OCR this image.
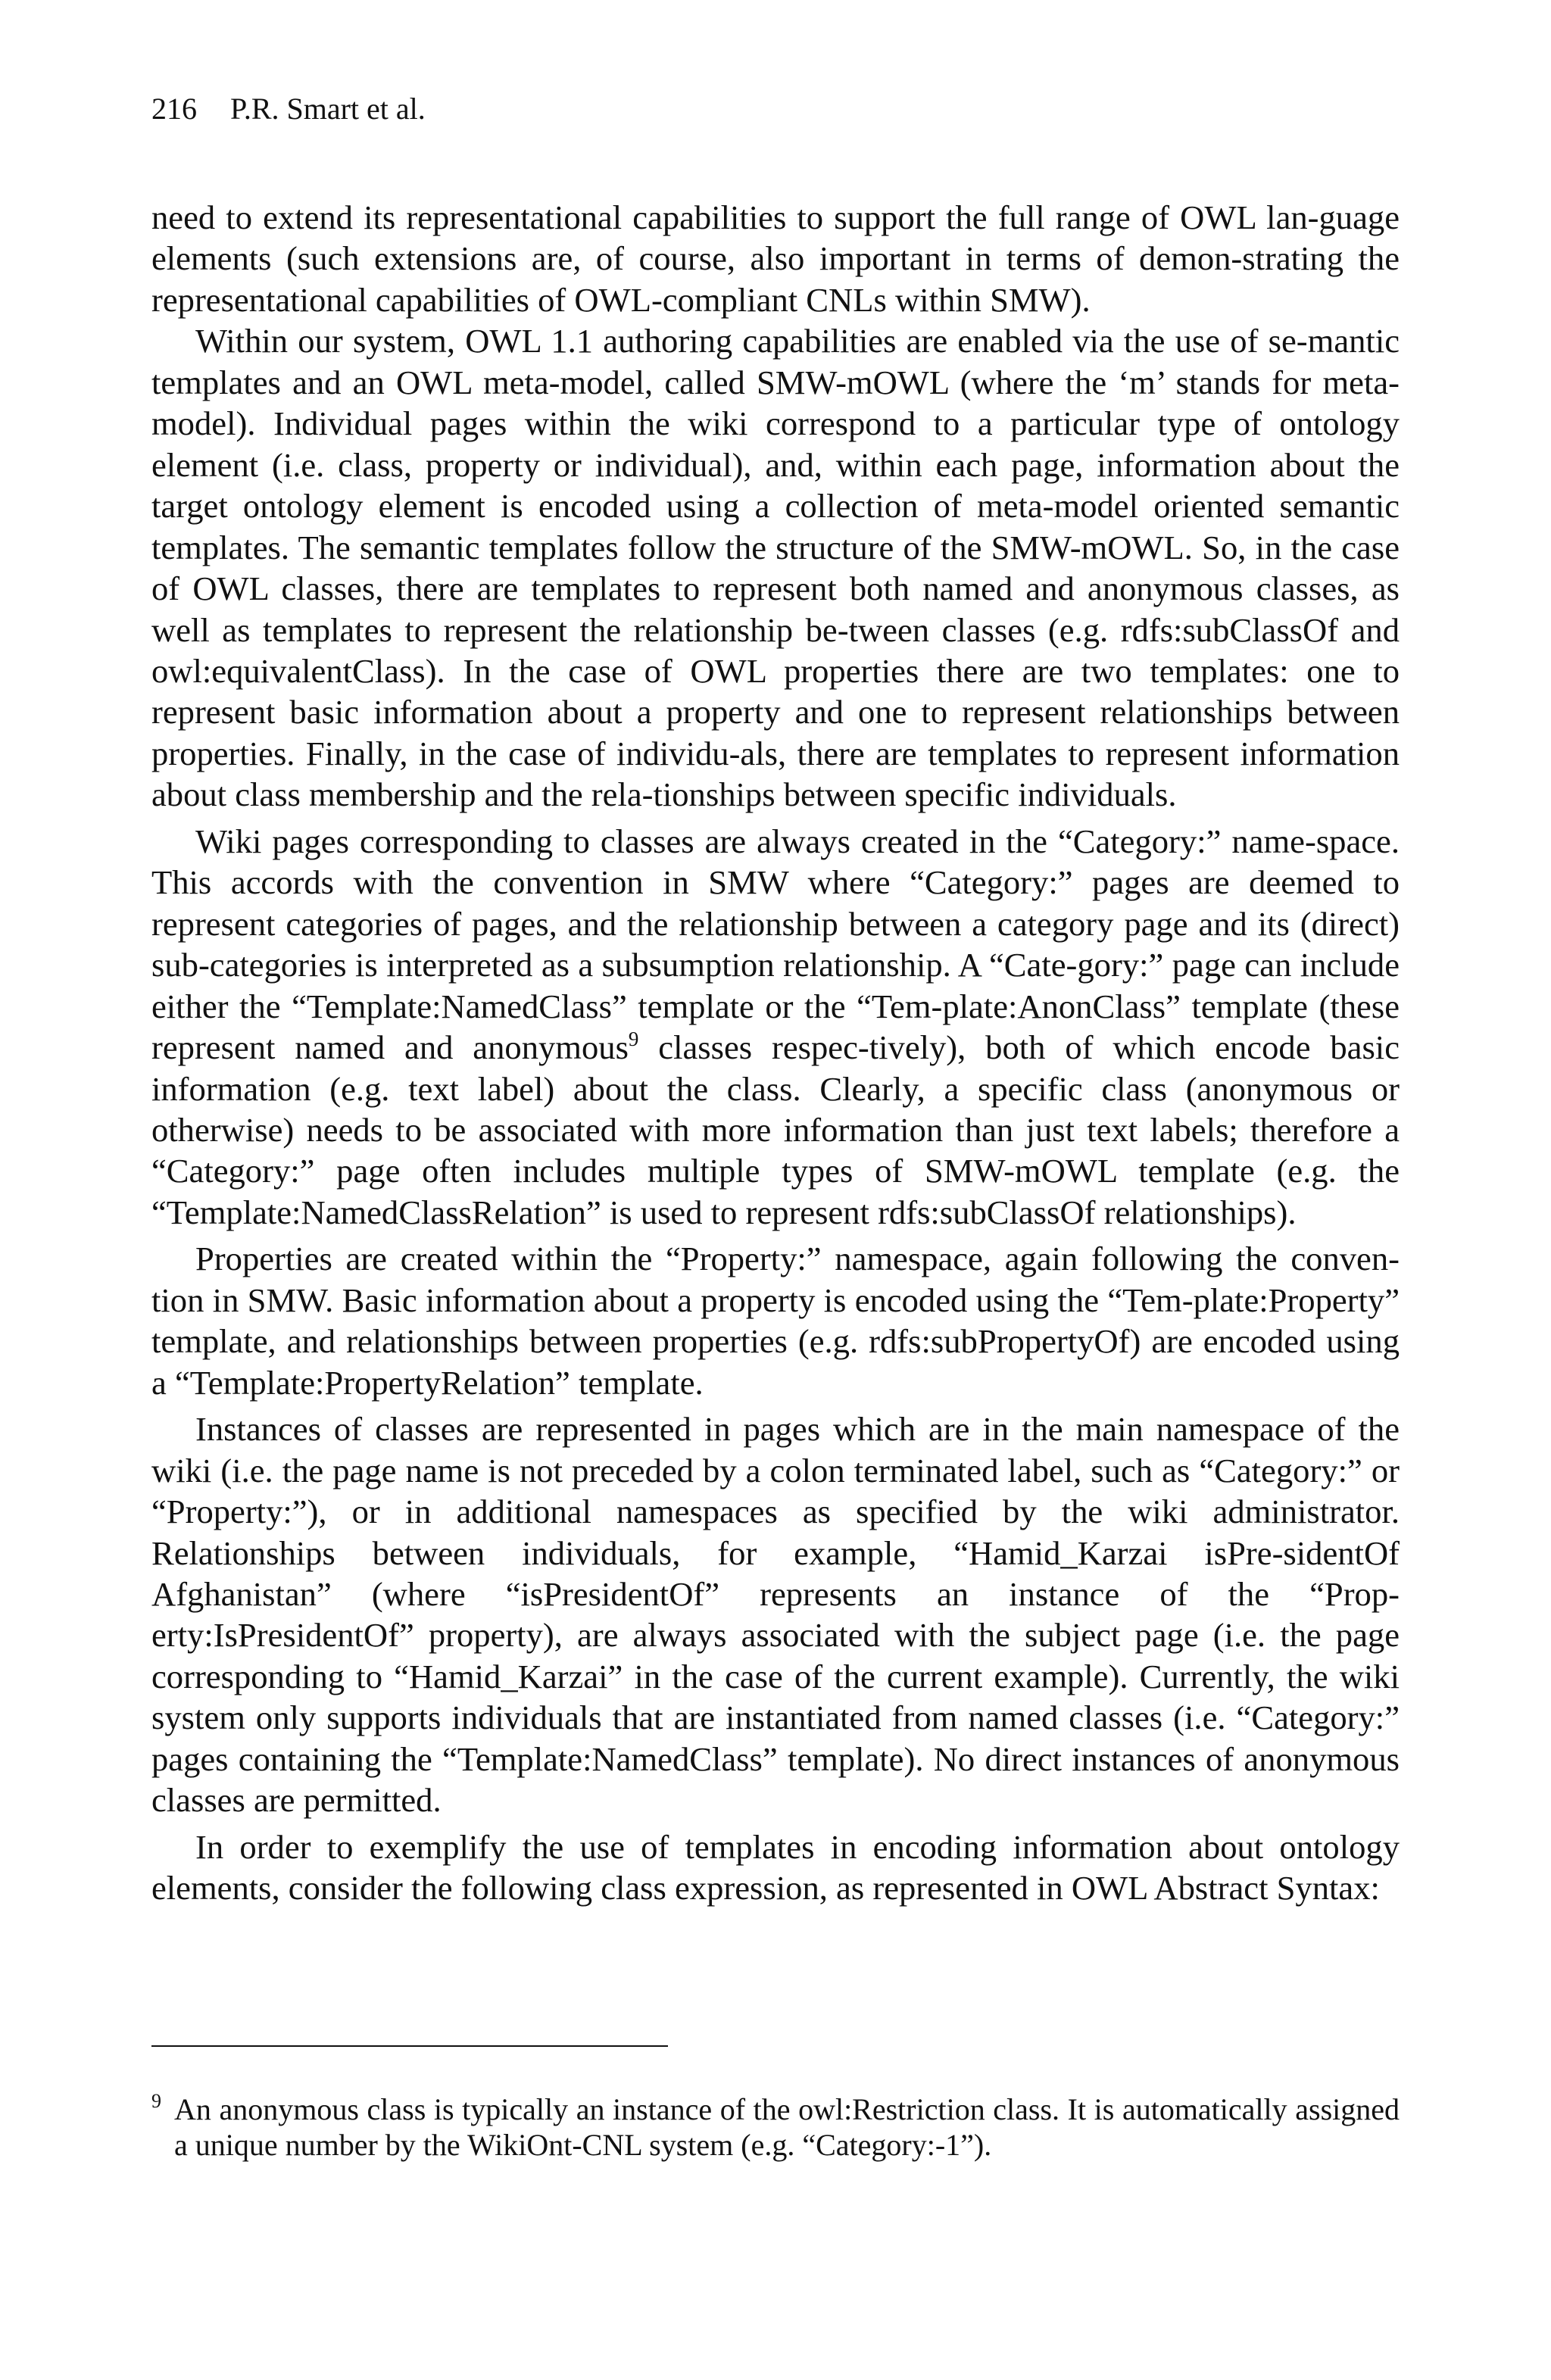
216 P.R. Smart et al.

need to extend its representational capabilities to support the full range of OWL lan-guage elements (such extensions are, of course, also important in terms of demon-strating the representational capabilities of OWL-compliant CNLs within SMW).

Within our system, OWL 1.1 authoring capabilities are enabled via the use of se-mantic templates and an OWL meta-model, called SMW-mOWL (where the ‘m’ stands for meta-model). Individual pages within the wiki correspond to a particular type of ontology element (i.e. class, property or individual), and, within each page, information about the target ontology element is encoded using a collection of meta-model oriented semantic templates. The semantic templates follow the structure of the SMW-mOWL. So, in the case of OWL classes, there are templates to represent both named and anonymous classes, as well as templates to represent the relationship be-tween classes (e.g. rdfs:subClassOf and owl:equivalentClass). In the case of OWL properties there are two templates: one to represent basic information about a property and one to represent relationships between properties. Finally, in the case of individu-als, there are templates to represent information about class membership and the rela-tionships between specific individuals.

Wiki pages corresponding to classes are always created in the “Category:” name-space. This accords with the convention in SMW where “Category:” pages are deemed to represent categories of pages, and the relationship between a category page and its (direct) sub-categories is interpreted as a subsumption relationship. A “Cate-gory:” page can include either the “Template:NamedClass” template or the “Tem-plate:AnonClass” template (these represent named and anonymous$^9$ classes respec-tively), both of which encode basic information (e.g. text label) about the class. Clearly, a specific class (anonymous or otherwise) needs to be associated with more information than just text labels; therefore a “Category:” page often includes multiple types of SMW-mOWL template (e.g. the “Template:NamedClassRelation” is used to represent rdfs:subClassOf relationships).

Properties are created within the “Property:” namespace, again following the conven-tion in SMW. Basic information about a property is encoded using the “Tem-plate:Property” template, and relationships between properties (e.g. rdfs:subPropertyOf) are encoded using a “Template:PropertyRelation” template.

Instances of classes are represented in pages which are in the main namespace of the wiki (i.e. the page name is not preceded by a colon terminated label, such as “Category:” or “Property:”), or in additional namespaces as specified by the wiki administrator. Relationships between individuals, for example, “Hamid_Karzai isPre-sidentOf Afghanistan” (where “isPresidentOf” represents an instance of the “Prop-erty:IsPresidentOf” property), are always associated with the subject page (i.e. the page corresponding to “Hamid_Karzai” in the case of the current example). Currently, the wiki system only supports individuals that are instantiated from named classes (i.e. “Category:” pages containing the “Template:NamedClass” template). No direct instances of anonymous classes are permitted.

In order to exemplify the use of templates in encoding information about ontology elements, consider the following class expression, as represented in OWL Abstract Syntax:

$^9$ An anonymous class is typically an instance of the owl:Restriction class. It is automatically assigned a unique number by the WikiOnt-CNL system (e.g. “Category:-1”).
